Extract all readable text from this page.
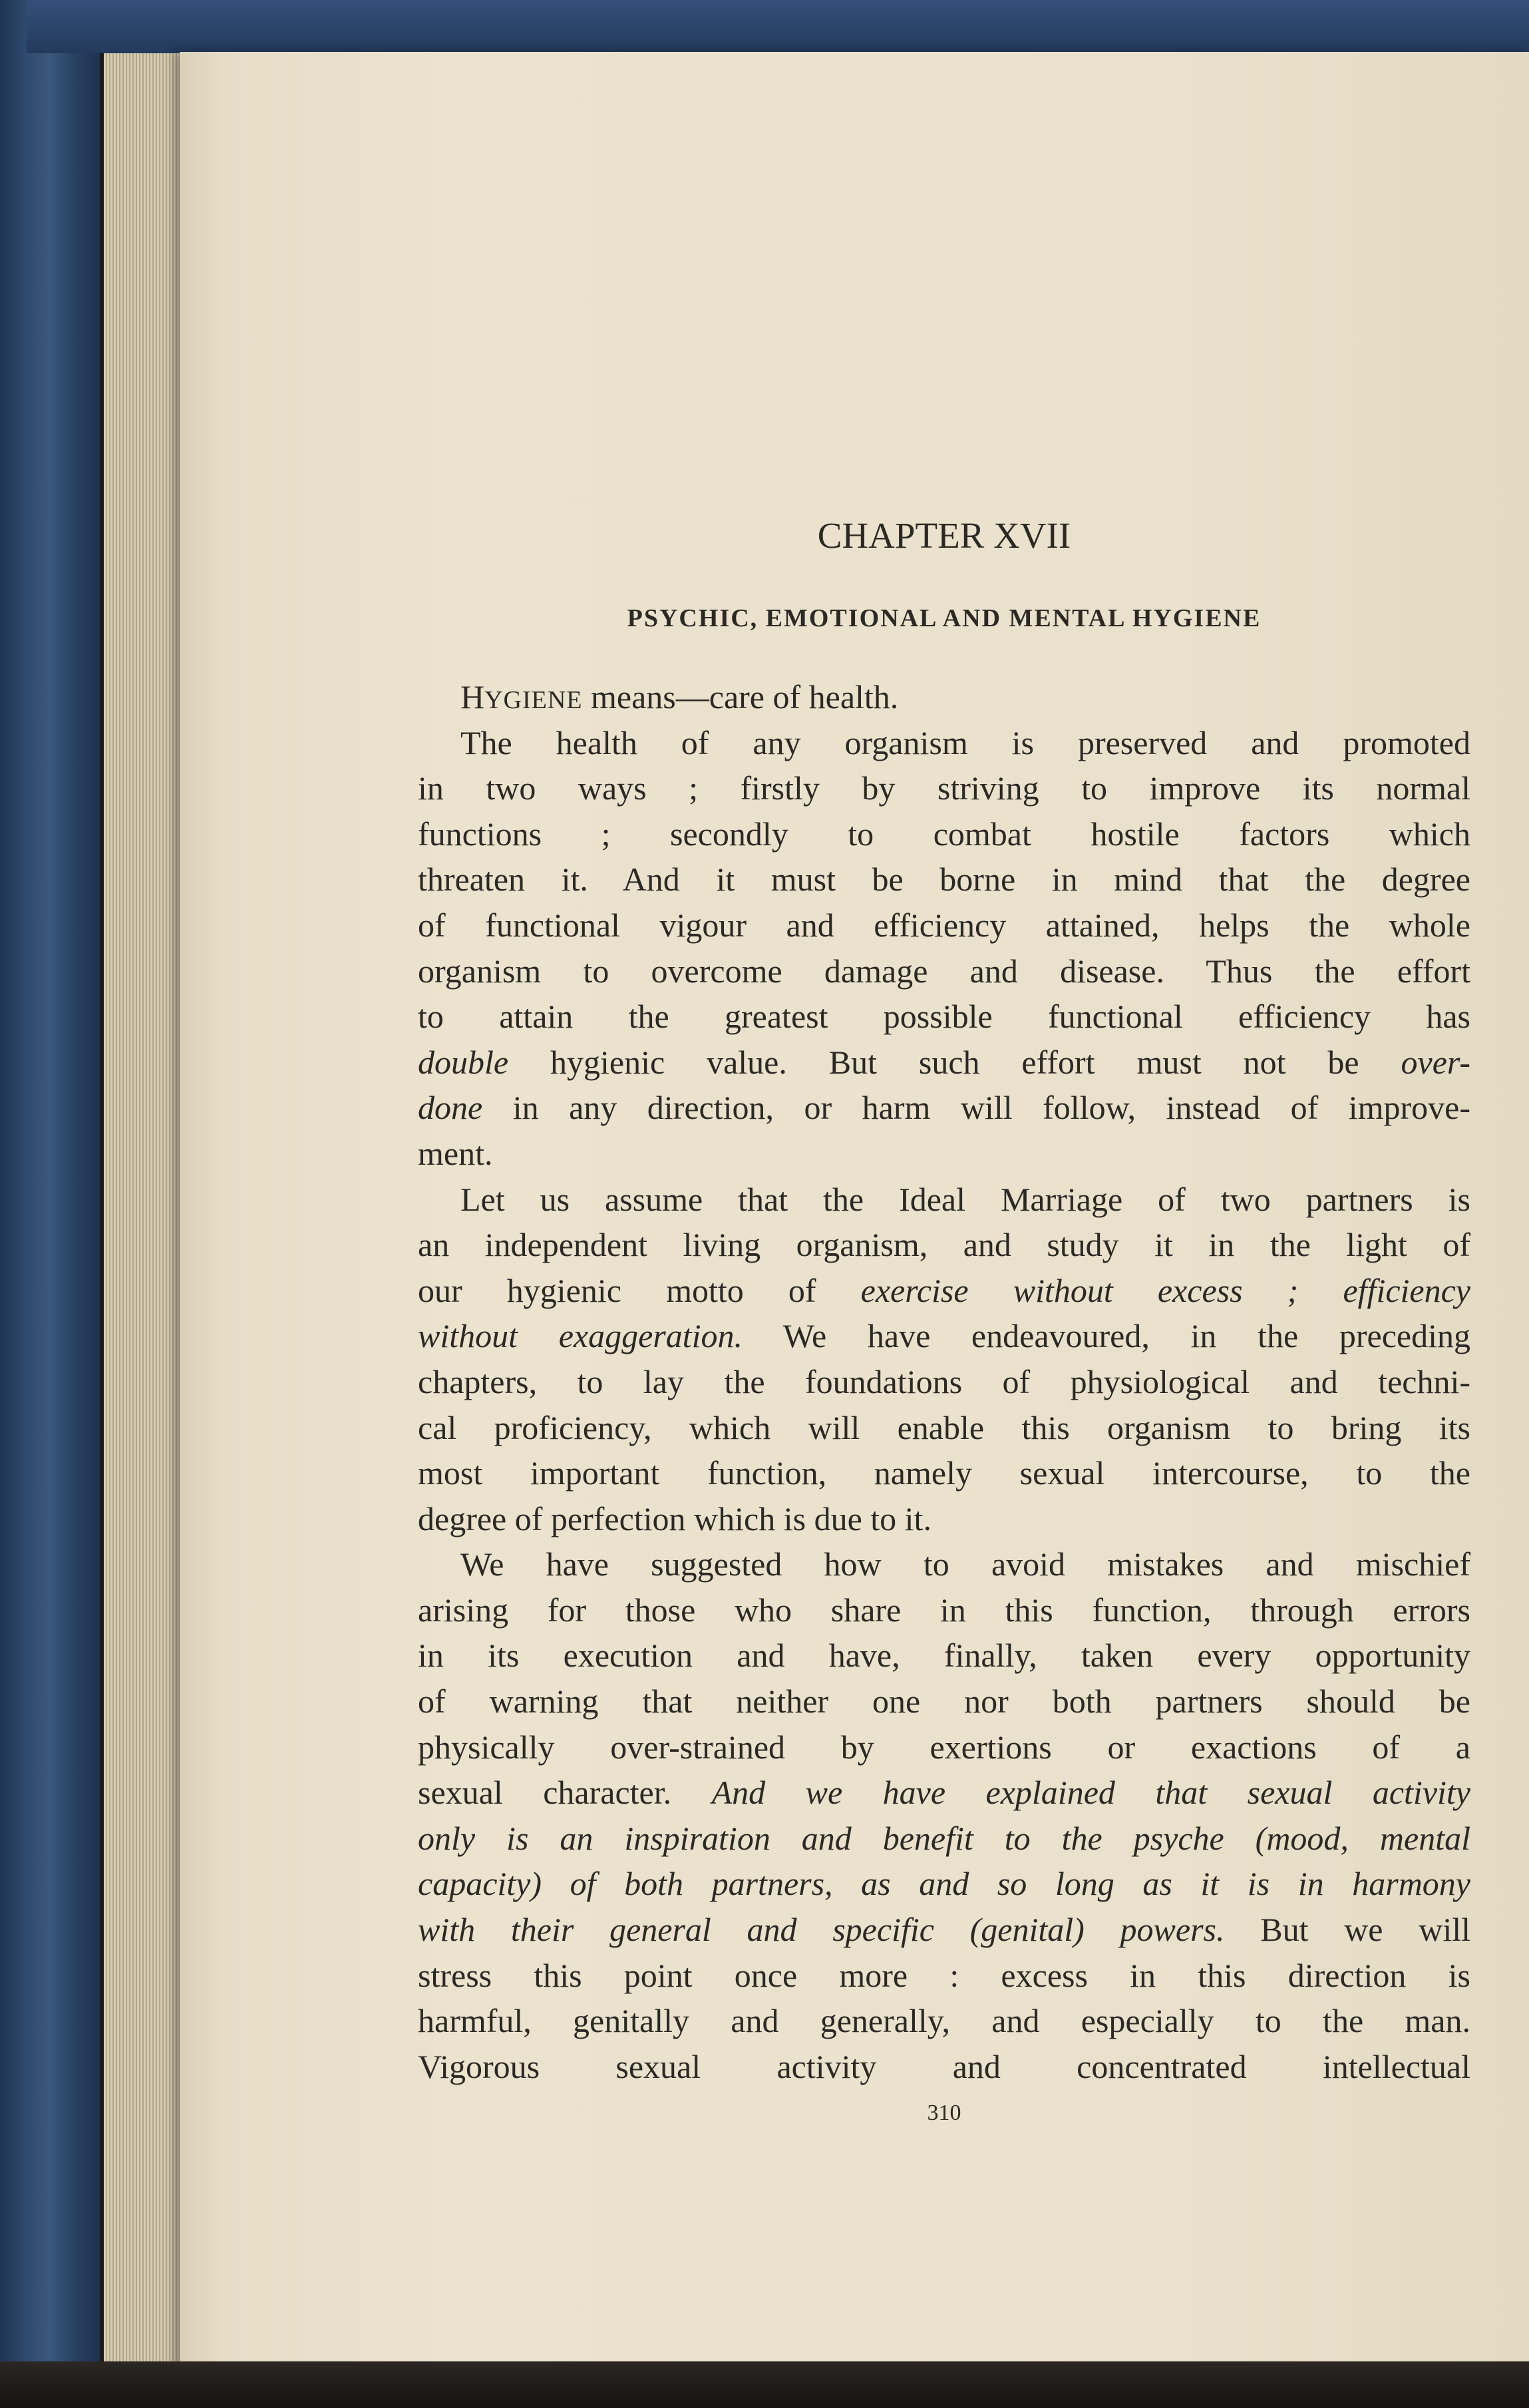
CHAPTER XVII
PSYCHIC, EMOTIONAL AND MENTAL HYGIENE
HYGIENE means—care of health.
The health of any organism is preserved and promoted
in two ways ; firstly by striving to improve its normal
functions ; secondly to combat hostile factors which
threaten it. And it must be borne in mind that the degree
of functional vigour and efficiency attained, helps the whole
organism to overcome damage and disease. Thus the effort
to attain the greatest possible functional efficiency has
double hygienic value. But such effort must not be over-
done in any direction, or harm will follow, instead of improve-
ment.
Let us assume that the Ideal Marriage of two partners is
an independent living organism, and study it in the light of
our hygienic motto of exercise without excess ; efficiency
without exaggeration. We have endeavoured, in the preceding
chapters, to lay the foundations of physiological and techni-
cal proficiency, which will enable this organism to bring its
most important function, namely sexual intercourse, to the
degree of perfection which is due to it.
We have suggested how to avoid mistakes and mischief
arising for those who share in this function, through errors
in its execution and have, finally, taken every opportunity
of warning that neither one nor both partners should be
physically over-strained by exertions or exactions of a
sexual character. And we have explained that sexual activity
only is an inspiration and benefit to the psyche (mood, mental
capacity) of both partners, as and so long as it is in harmony
with their general and specific (genital) powers. But we will
stress this point once more : excess in this direction is
harmful, genitally and generally, and especially to the man.
Vigorous sexual activity and concentrated intellectual
310
